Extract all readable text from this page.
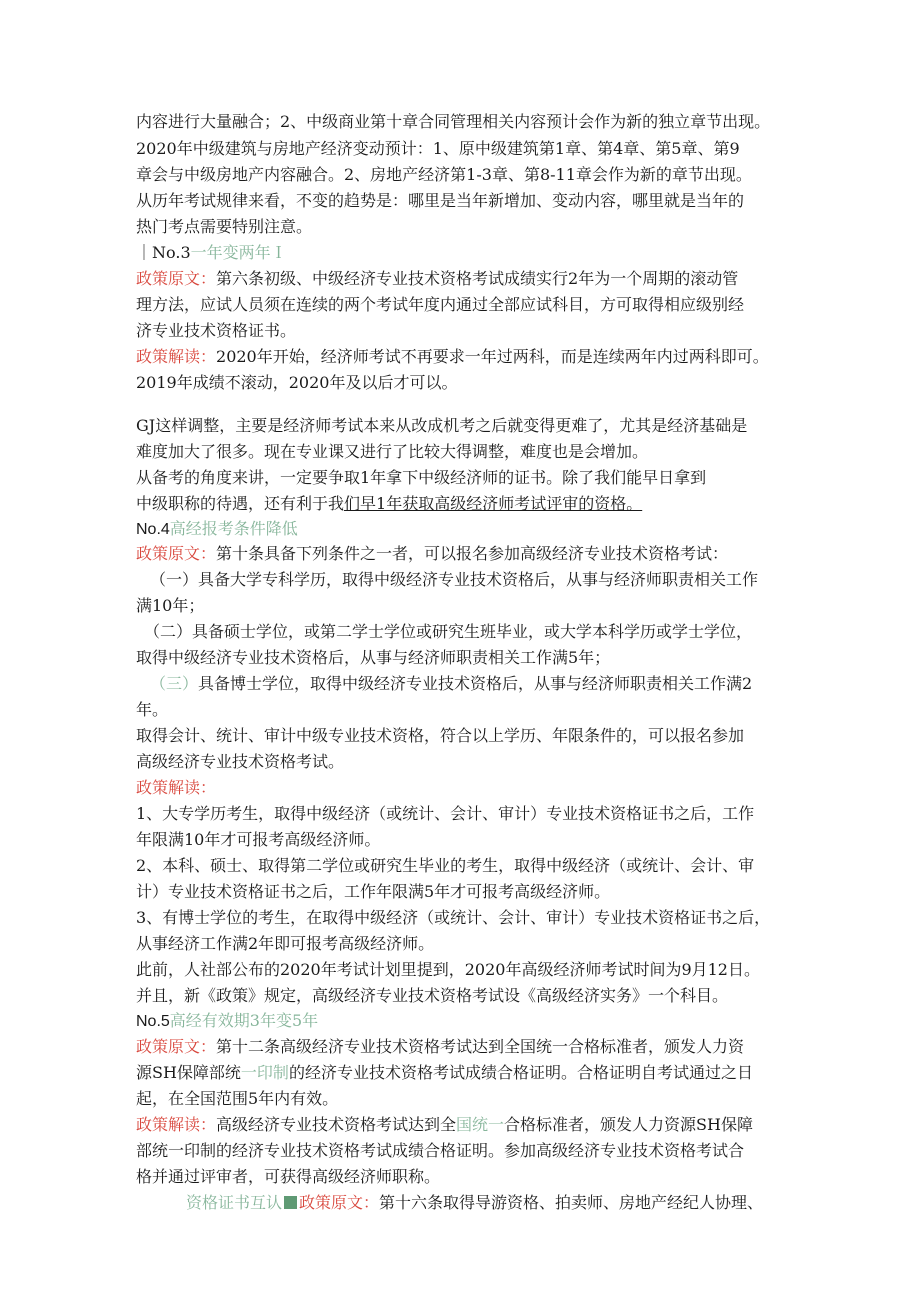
内容进行大量融合；2、中级商业第十章合同管理相关内容预计会作为新的独立章节出现。
2020年中级建筑与房地产经济变动预计：1、原中级建筑第1章、第4章、第5章、第9
章会与中级房地产内容融合。2、房地产经济第1-3章、第8-11章会作为新的章节出现。
从历年考试规律来看，不变的趋势是：哪里是当年新增加、变动内容，哪里就是当年的
热门考点需要特别注意。
｜No.3一年变两年Ｉ
政策原文：第六条初级、中级经济专业技术资格考试成绩实行2年为一个周期的滚动管
理方法，应试人员须在连续的两个考试年度内通过全部应试科目，方可取得相应级别经
济专业技术资格证书。
政策解读：2020年开始，经济师考试不再要求一年过两科，而是连续两年内过两科即可。
2019年成绩不滚动，2020年及以后才可以。
GJ这样调整，主要是经济师考试本来从改成机考之后就变得更难了，尤其是经济基础是
难度加大了很多。现在专业课又进行了比较大得调整，难度也是会增加。
从备考的角度来讲，一定要争取1年拿下中级经济师的证书。除了我们能早日拿到
中级职称的待遇，还有利于我们早1年获取高级经济师考试评审的资格。
No.4高经报考条件降低
政策原文：第十条具备下列条件之一者，可以报名参加高级经济专业技术资格考试：
（一）具备大学专科学历，取得中级经济专业技术资格后，从事与经济师职责相关工作
满10年；
（二）具备硕士学位，或第二学士学位或研究生班毕业，或大学本科学历或学士学位，
取得中级经济专业技术资格后，从事与经济师职责相关工作满5年；
（三）具备博士学位，取得中级经济专业技术资格后，从事与经济师职责相关工作满2
年。
取得会计、统计、审计中级专业技术资格，符合以上学历、年限条件的，可以报名参加
高级经济专业技术资格考试。
政策解读：
1、大专学历考生，取得中级经济（或统计、会计、审计）专业技术资格证书之后，工作
年限满10年才可报考高级经济师。
2、本科、硕士、取得第二学位或研究生毕业的考生，取得中级经济（或统计、会计、审
计）专业技术资格证书之后，工作年限满5年才可报考高级经济师。
3、有博士学位的考生，在取得中级经济（或统计、会计、审计）专业技术资格证书之后，
从事经济工作满2年即可报考高级经济师。
此前，人社部公布的2020年考试计划里提到，2020年高级经济师考试时间为9月12日。
并且，新《政策》规定，高级经济专业技术资格考试设《高级经济实务》一个科目。
No.5高经有效期3年变5年
政策原文：第十二条高级经济专业技术资格考试达到全国统一合格标准者，颁发人力资
源SH保障部统一印制的经济专业技术资格考试成绩合格证明。合格证明自考试通过之日
起，在全国范围5年内有效。
政策解读：高级经济专业技术资格考试达到全国统一合格标准者，颁发人力资源SH保障
部统一印制的经济专业技术资格考试成绩合格证明。参加高级经济专业技术资格考试合
格并通过评审者，可获得高级经济师职称。
资格证书互认 政策原文：第十六条取得导游资格、拍卖师、房地产经纪人协理、
